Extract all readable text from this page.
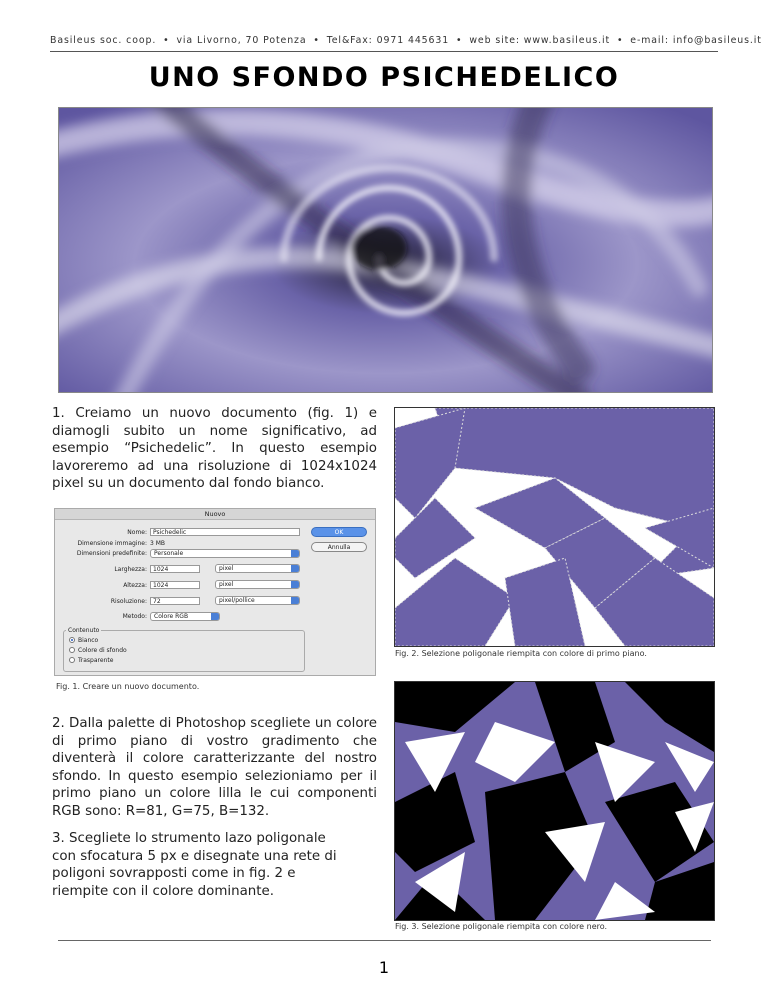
Basileus soc. coop. • via Livorno, 70 Potenza • Tel&Fax: 0971 445631 • web site: www.basileus.it • e-mail: info@basileus.it
UNO SFONDO PSICHEDELICO
1. Creiamo un nuovo documento (fig. 1) e diamogli subito un nome significativo, ad esempio “Psichedelic”. In questo esempio lavoreremo ad una risoluzione di 1024x1024 pixel su un documento dal fondo bianco.
Nuovo
Nome:	Psichedelic
Dimensione immagine: 3 MB
Dimensioni predefinite:	Personale
Larghezza:	1024	pixel
Altezza:	1024	pixel
Risoluzione:	72	pixel/pollice
Metodo:	Colore RGB
Contenuto
Bianco
Colore di sfondo
Trasparente
OK
Annulla
Fig. 1. Creare un nuovo documento.
Fig. 2. Selezione poligonale riempita con colore di primo piano.
2. Dalla palette di Photoshop scegliete un colore di primo piano di vostro gradimento che diventerà il colore caratterizzante del nostro sfondo. In questo esempio selezioniamo per il primo piano un colore lilla le cui componenti RGB sono: R=81, G=75, B=132.
3. Scegliete lo strumento lazo poligonale con sfocatura 5 px e disegnate una rete di poligoni sovrapposti come in fig. 2 e riempite con il colore dominante.
Fig. 3. Selezione poligonale riempita con colore nero.
1
